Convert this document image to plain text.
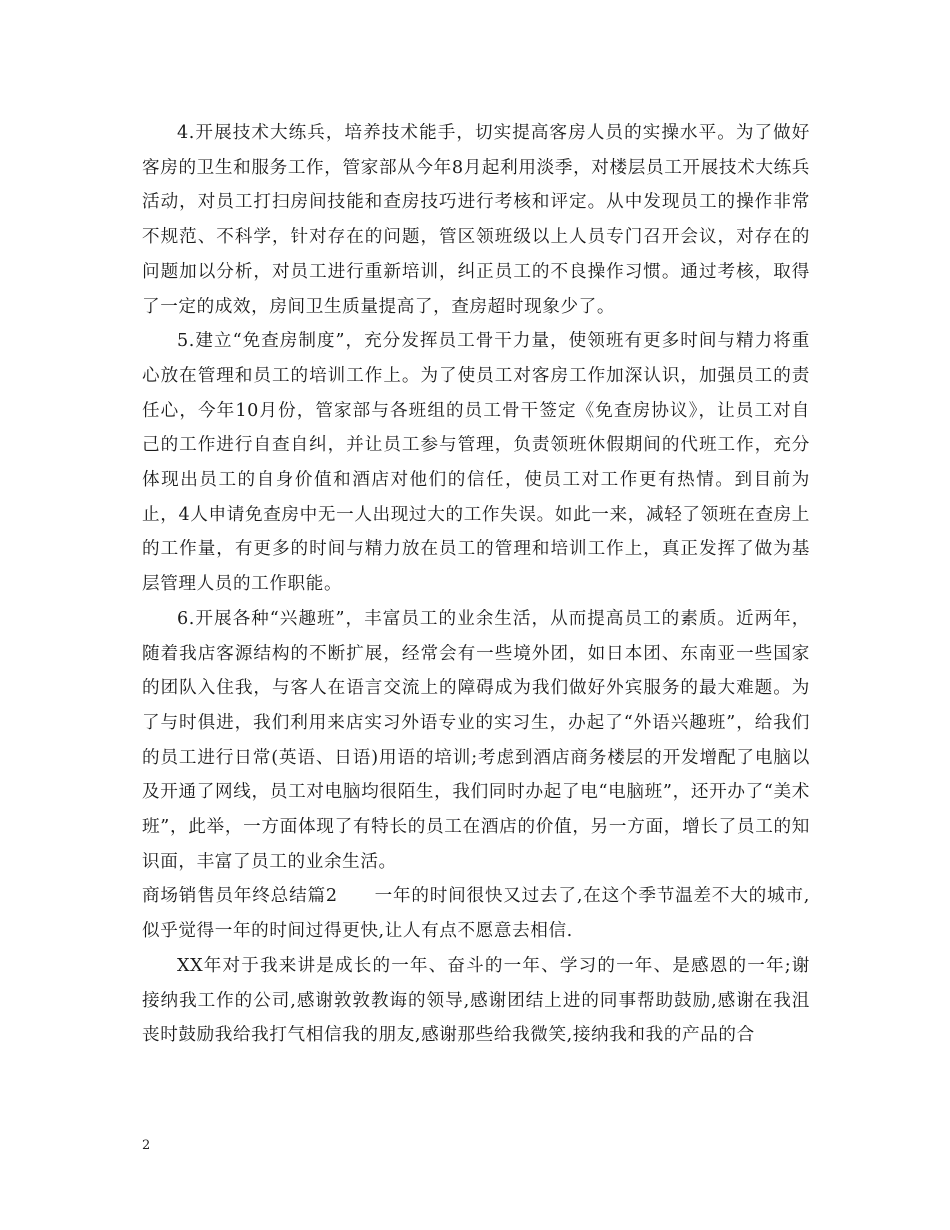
4.开展技术大练兵，培养技术能手，切实提高客房人员的实操水平。为了做好客房的卫生和服务工作，管家部从今年8月起利用淡季，对楼层员工开展技术大练兵活动，对员工打扫房间技能和查房技巧进行考核和评定。从中发现员工的操作非常不规范、不科学，针对存在的问题，管区领班级以上人员专门召开会议，对存在的问题加以分析，对员工进行重新培训，纠正员工的不良操作习惯。通过考核，取得了一定的成效，房间卫生质量提高了，查房超时现象少了。

5.建立“免查房制度”，充分发挥员工骨干力量，使领班有更多时间与精力将重心放在管理和员工的培训工作上。为了使员工对客房工作加深认识，加强员工的责任心，今年10月份，管家部与各班组的员工骨干签定《免查房协议》，让员工对自己的工作进行自查自纠，并让员工参与管理，负责领班休假期间的代班工作，充分体现出员工的自身价值和酒店对他们的信任，使员工对工作更有热情。到目前为止，4人申请免查房中无一人出现过大的工作失误。如此一来，减轻了领班在查房上的工作量，有更多的时间与精力放在员工的管理和培训工作上，真正发挥了做为基层管理人员的工作职能。

6.开展各种“兴趣班”，丰富员工的业余生活，从而提高员工的素质。近两年，随着我店客源结构的不断扩展，经常会有一些境外团，如日本团、东南亚一些国家的团队入住我，与客人在语言交流上的障碍成为我们做好外宾服务的最大难题。为了与时俱进，我们利用来店实习外语专业的实习生，办起了“外语兴趣班”，给我们的员工进行日常(英语、日语)用语的培训;考虑到酒店商务楼层的开发增配了电脑以及开通了网线，员工对电脑均很陌生，我们同时办起了电“电脑班”，还开办了“美术班”，此举，一方面体现了有特长的员工在酒店的价值，另一方面，增长了员工的知识面，丰富了员工的业余生活。

商场销售员年终总结篇2　　一年的时间很快又过去了,在这个季节温差不大的城市,似乎觉得一年的时间过得更快,让人有点不愿意去相信.

XX年对于我来讲是成长的一年、奋斗的一年、学习的一年、是感恩的一年;谢接纳我工作的公司,感谢敦敦教诲的领导,感谢团结上进的同事帮助鼓励,感谢在我沮丧时鼓励我给我打气相信我的朋友,感谢那些给我微笑,接纳我和我的产品的合

2
